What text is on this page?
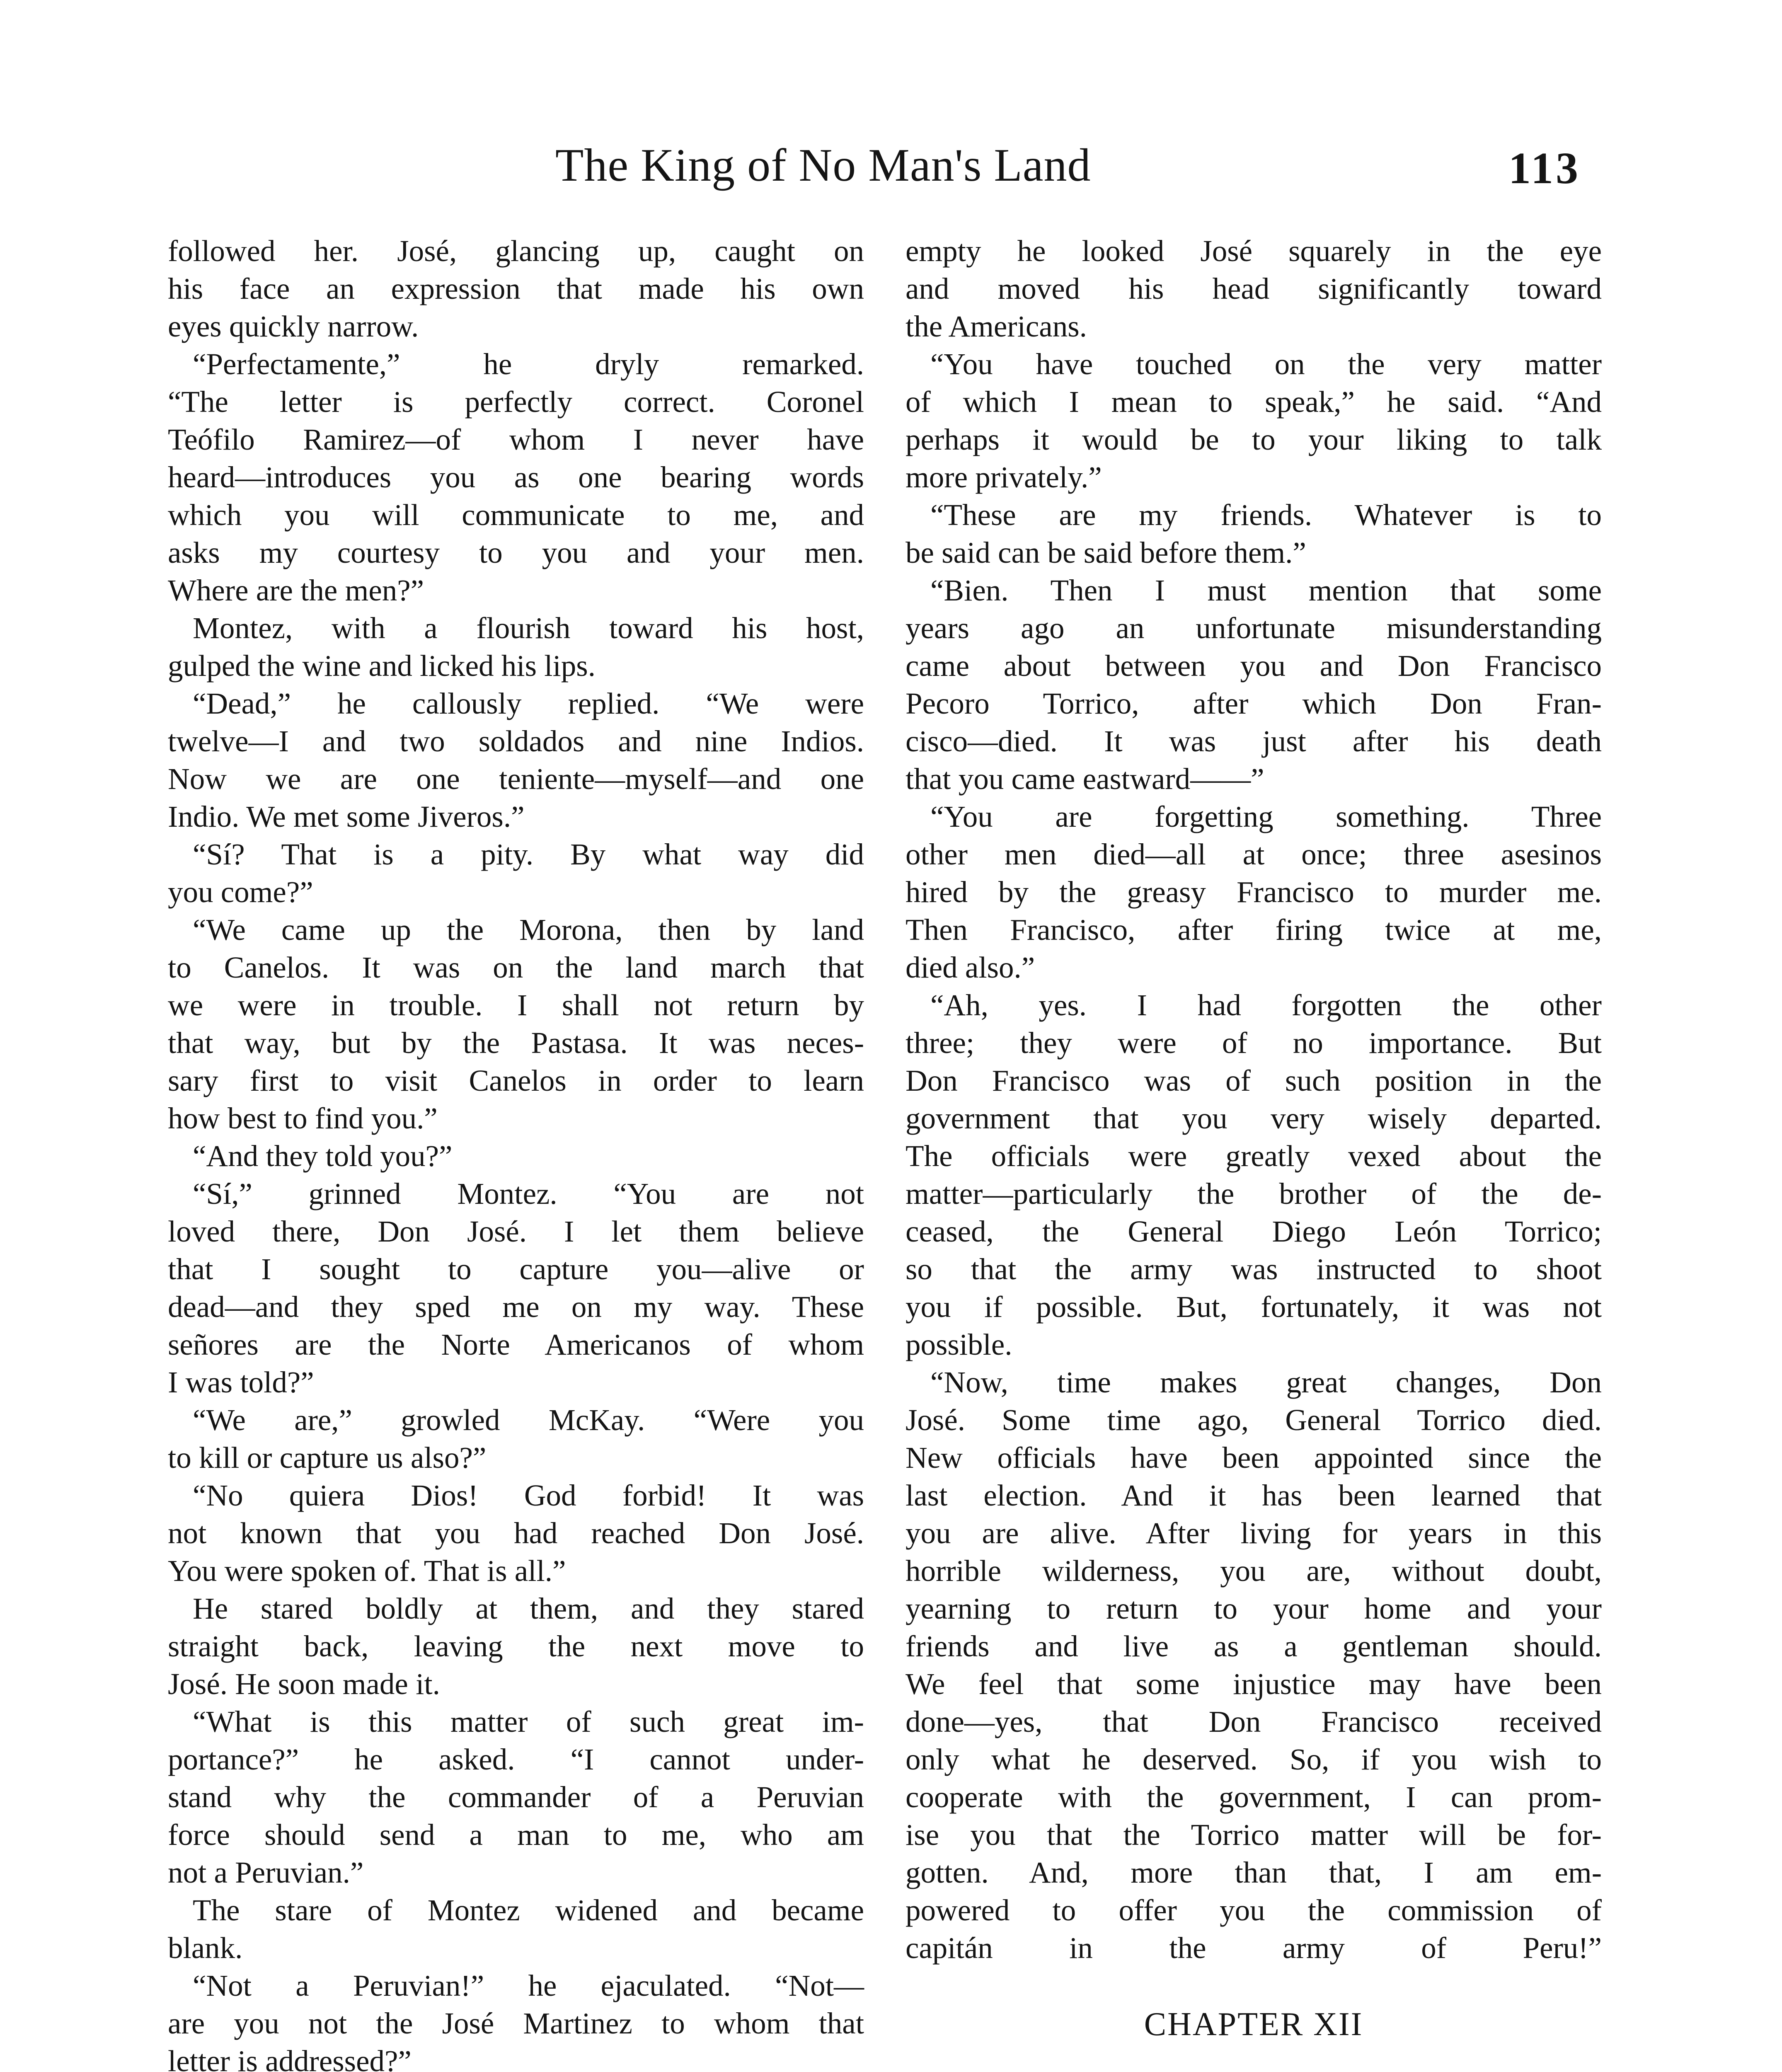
The King of No Man's Land	113

followed her. José, glancing up, caught on
his face an expression that made his own
eyes quickly narrow.

“Perfectamente,” he dryly remarked.
“The letter is perfectly correct. Coronel
Teófilo Ramirez—of whom I never have
heard—introduces you as one bearing words
which you will communicate to me, and
asks my courtesy to you and your men.
Where are the men?”

Montez, with a flourish toward his host,
gulped the wine and licked his lips.

“Dead,” he callously replied. “We were
twelve—I and two soldados and nine Indios.
Now we are one teniente—myself—and one
Indio. We met some Jiveros.”

“Sí? That is a pity. By what way did
you come?”

“We came up the Morona, then by land
to Canelos. It was on the land march that
we were in trouble. I shall not return by
that way, but by the Pastasa. It was neces-
sary first to visit Canelos in order to learn
how best to find you.”

“And they told you?”

“Sí,” grinned Montez. “You are not
loved there, Don José. I let them believe
that I sought to capture you—alive or
dead—and they sped me on my way. These
señores are the Norte Americanos of whom
I was told?”

“We are,” growled McKay. “Were you
to kill or capture us also?”

“No quiera Dios! God forbid! It was
not known that you had reached Don José.
You were spoken of. That is all.”

He stared boldly at them, and they stared
straight back, leaving the next move to
José. He soon made it.

“What is this matter of such great im-
portance?” he asked. “I cannot under-
stand why the commander of a Peruvian
force should send a man to me, who am
not a Peruvian.”

The stare of Montez widened and became
blank.

“Not a Peruvian!” he ejaculated. “Not—
are you not the José Martinez to whom that
letter is addressed?”

empty he looked José squarely in the eye
and moved his head significantly toward
the Americans.

“You have touched on the very matter
of which I mean to speak,” he said. “And
perhaps it would be to your liking to talk
more privately.”

“These are my friends. Whatever is to
be said can be said before them.”

“Bien. Then I must mention that some
years ago an unfortunate misunderstanding
came about between you and Don Francisco
Pecoro Torrico, after which Don Fran-
cisco—died. It was just after his death
that you came eastward——”

“You are forgetting something. Three
other men died—all at once; three asesinos
hired by the greasy Francisco to murder me.
Then Francisco, after firing twice at me,
died also.”

“Ah, yes. I had forgotten the other
three; they were of no importance. But
Don Francisco was of such position in the
government that you very wisely departed.
The officials were greatly vexed about the
matter—particularly the brother of the de-
ceased, the General Diego León Torrico;
so that the army was instructed to shoot
you if possible. But, fortunately, it was not
possible.

“Now, time makes great changes, Don
José. Some time ago, General Torrico died.
New officials have been appointed since the
last election. And it has been learned that
you are alive. After living for years in this
horrible wilderness, you are, without doubt,
yearning to return to your home and your
friends and live as a gentleman should.
We feel that some injustice may have been
done—yes, that Don Francisco received
only what he deserved. So, if you wish to
cooperate with the government, I can prom-
ise you that the Torrico matter will be for-
gotten. And, more than that, I am em-
powered to offer you the commission of
capitán in the army of Peru!”

CHAPTER XII
